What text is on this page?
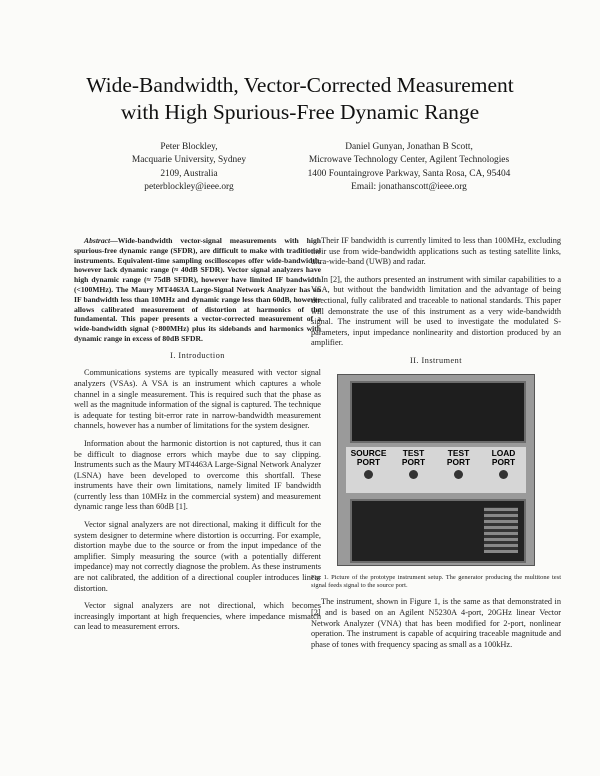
Wide-Bandwidth, Vector-Corrected Measurement
with High Spurious-Free Dynamic Range
Peter Blockley,
Macquarie University, Sydney
2109, Australia
peterblockley@ieee.org
Daniel Gunyan, Jonathan B Scott,
Microwave Technology Center, Agilent Technologies
1400 Fountaingrove Parkway, Santa Rosa, CA, 95404
Email: jonathanscott@ieee.org

Abstract—Wide-bandwidth vector-signal measurements with high spurious-free dynamic range (SFDR), are difficult to make with traditional instruments. Equivalent-time sampling oscilloscopes offer wide-bandwidth, however lack dynamic range (≈ 40dB SFDR). Vector signal analyzers have high dynamic range (≈ 75dB SFDR), however have limited IF bandwidth (<100MHz). The Maury MT4463A Large-Signal Network Analyzer has an IF bandwidth less than 10MHz and dynamic range less than 60dB, however allows calibrated measurement of distortion at harmonics of the fundamental. This paper presents a vector-corrected measurement of a wide-bandwidth signal (>800MHz) plus its sidebands and harmonics with dynamic range in excess of 80dB SFDR.

I. Introduction

Communications systems are typically measured with vector signal analyzers (VSAs). A VSA is an instrument which captures a whole channel in a single measurement. This is required such that the phase as well as the magnitude information of the signal is captured. The technique is adequate for testing bit-error rate in narrow-bandwidth measurement channels, however has a number of limitations for the system designer.

Information about the harmonic distortion is not captured, thus it can be difficult to diagnose errors which maybe due to say clipping. Instruments such as the Maury MT4463A Large-Signal Network Analyzer (LSNA) have been developed to overcome this shortfall. These instruments have their own limitations, namely limited IF bandwidth (currently less than 10MHz in the commercial system) and measurement dynamic range less than 60dB [1].

Vector signal analyzers are not directional, making it difficult for the system designer to determine where distortion is occurring. For example, distortion maybe due to the source or from the input impedance of the amplifier. Simply measuring the source (with a potentially different impedance) may not correctly diagnose the problem. As these instruments are not calibrated, the addition of a directional coupler introduces linear distortion.

Vector signal analyzers are not directional, which becomes increasingly important at high frequencies, where impedance mismatch can lead to measurement errors.

Their IF bandwidth is currently limited to less than 100MHz, excluding their use from wide-bandwidth applications such as testing satellite links, ultra-wide-band (UWB) and radar.

In [2], the authors presented an instrument with similar capabilities to a VSA, but without the bandwidth limitation and the advantage of being directional, fully calibrated and traceable to national standards. This paper will demonstrate the use of this instrument as a very wide-bandwidth signal. The instrument will be used to investigate the modulated S-parameters, input impedance nonlinearity and distortion produced by an amplifier.

II. Instrument

SOURCE PORT
TEST PORT
TEST PORT
LOAD PORT

Fig. 1. Picture of the prototype instrument setup. The generator producing the multitone test signal feeds signal to the source port.

The instrument, shown in Figure 1, is the same as that demonstrated in [2] and is based on an Agilent N5230A 4-port, 20GHz linear Vector Network Analyzer (VNA) that has been modified for 2-port, nonlinear operation. The instrument is capable of acquiring traceable magnitude and phase of tones with frequency spacing as small as a 100kHz.
